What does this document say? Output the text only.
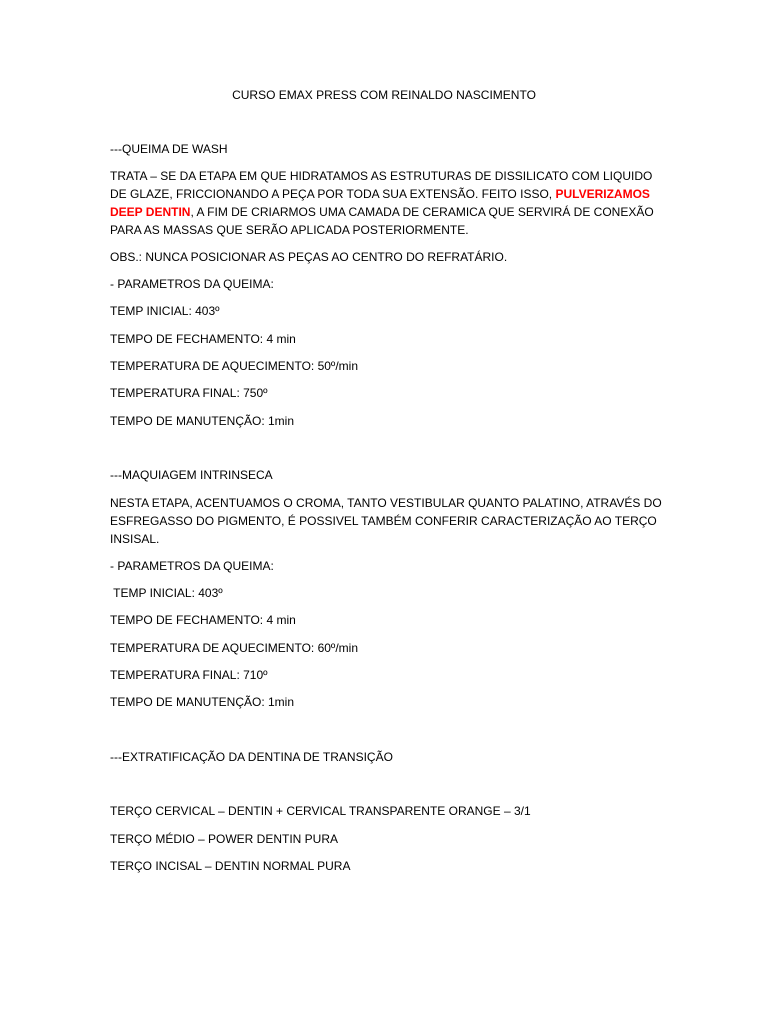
CURSO EMAX PRESS COM REINALDO NASCIMENTO

---QUEIMA DE WASH

TRATA – SE DA ETAPA EM QUE HIDRATAMOS AS ESTRUTURAS DE DISSILICATO COM LIQUIDO DE GLAZE, FRICCIONANDO A PEÇA POR TODA SUA EXTENSÃO. FEITO ISSO, PULVERIZAMOS DEEP DENTIN, A FIM DE CRIARMOS UMA CAMADA DE CERAMICA QUE SERVIRÁ DE CONEXÃO PARA AS MASSAS QUE SERÃO APLICADA POSTERIORMENTE.

OBS.: NUNCA POSICIONAR AS PEÇAS AO CENTRO DO REFRATÁRIO.

- PARAMETROS DA QUEIMA:

TEMP INICIAL: 403º

TEMPO DE FECHAMENTO: 4 min

TEMPERATURA DE AQUECIMENTO: 50º/min

TEMPERATURA FINAL: 750º

TEMPO DE MANUTENÇÃO: 1min

---MAQUIAGEM INTRINSECA

NESTA ETAPA, ACENTUAMOS O CROMA, TANTO VESTIBULAR QUANTO PALATINO, ATRAVÉS DO ESFREGASSO DO PIGMENTO, É POSSIVEL TAMBÉM CONFERIR CARACTERIZAÇÃO AO TERÇO INSISAL.

- PARAMETROS DA QUEIMA:

TEMP INICIAL: 403º

TEMPO DE FECHAMENTO: 4 min

TEMPERATURA DE AQUECIMENTO: 60º/min

TEMPERATURA FINAL: 710º

TEMPO DE MANUTENÇÃO: 1min

---EXTRATIFICAÇÃO DA DENTINA DE TRANSIÇÃO

TERÇO CERVICAL – DENTIN + CERVICAL TRANSPARENTE ORANGE – 3/1

TERÇO MÉDIO – POWER DENTIN PURA

TERÇO INCISAL – DENTIN NORMAL PURA
